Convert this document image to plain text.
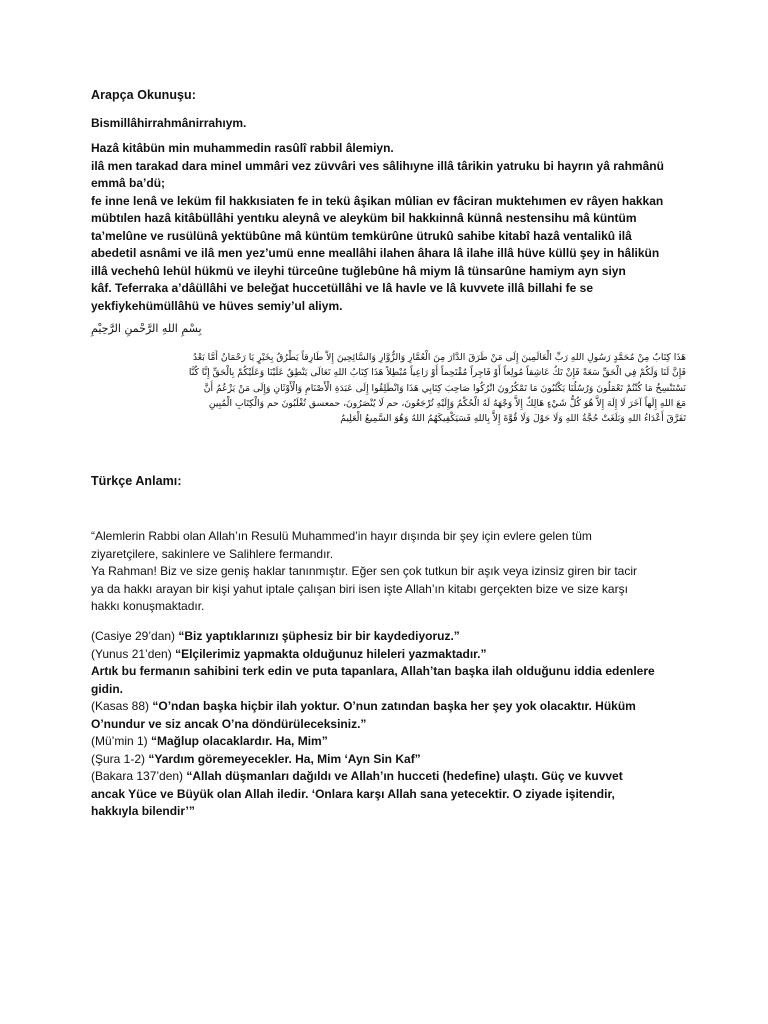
Arapça Okunuşu:
Bismillâhirrahmânirrahıym.

Hazâ kitâbün min muhammedin rasûlî rabbil âlemiyn.

ilâ men tarakad dara minel ummâri vez züvvâri ves sâlihıyne illâ târikin yatruku bi hayrın yâ rahmânü

emmâ ba’dü;

fe inne lenâ ve leküm fil hakkısiaten fe in tekü âşikan mûlian ev fâciran muktehımen ev râyen hakkan

mübtılen hazâ kitâbüllâhi yentıku aleynâ ve aleyküm bil hakkıinnâ künnâ nestensihu mâ küntüm

ta’melûne ve rusülünâ yektübûne mâ küntüm temkürûne ütrukû sahibe kitabî hazâ ventalikû ilâ

abedetil asnâmi ve ilâ men yez’umü enne meallâhi ilahen âhara lâ ilahe illâ hüve küllü şey in hâlikün

illâ vechehû lehül hükmü ve ileyhi türceûne tuğlebûne hâ miym lâ tünsarûne hamiym ayn siyn

kâf. Teferraka a’dâüllâhi ve beleğat huccetüllâhi ve lâ havle ve lâ kuvvete illâ billahi fe se

yekfiykehümüllâhü ve hüves semiy’ul aliym.

بِسْمِ اللهِ الرَّحْمنِ الرَّحِيْمِ
هَذَا كِتَابٌ مِنْ مُحَمَّدٍ رَسُولِ اللهِ رَبِّ الْعَالَمِينَ إِلَى مَنْ طَرَقَ الدَّارَ مِنَ الْعُمَّارِ وَالزُّوَّارِ وَالسَّائِحِينَ إِلاَّ طَارِقاً يَطْرُقُ بِخَيْرٍ يَا رَحْمَانُ أَمَّا بَعْدُ
فَإِنَّ لَنَا وَلَكُمْ فِي الْحَقِّ سَعَةً فَإِنْ تَكُ عَاشِقاً مُولِعاً أَوْ فَاجِراً مُقْتَحِماً أَوْ رَاعِياً مُبْطِلاً هَذَا كِتَابُ اللهِ تَعَالَى يَنْطِقُ عَلَيْنَا وَعَلَيْكُمْ بِالْحَقِّ إِنَّا كُنَّا
نَسْتَنْسِخُ مَا كُنْتُمْ تَعْمَلُونَ وَرُسُلُنَا يَكْتُبُونَ مَا تَمْكُرُونَ اتْرُكُوا صَاحِبَ كِتَابِي هَذَا وَانْطَلِقُوا إِلَى عَبَدَةِ الْأَصْنَامِ وَالْأَوْثَانِ وَإِلَى مَنْ يَزْعُمُ أَنَّ
مَعَ اللهِ إِلَهاً آخَرَ لَا إِلَهَ إِلاَّ هُوَ كُلُّ شَيْءٍ هَالِكٌ إِلاَّ وَجْهَهُ لَهُ الْحُكْمُ وَإِلَيْهِ تُرْجَعُونَ، حم لَا يُنْصَرُونَ، حمعسق تُغْلَبُونَ حم وَالْكِتَابِ الْمُبِينِ
تَفَرَّقَ أَعْدَاءُ اللهِ وَبَلَغَتْ حُجَّةُ اللهِ وَلَا حَوْلَ وَلَا قُوَّةَ إِلاَّ بِاللهِ فَسَيَكْفِيكَهُمُ اللهُ وَهُوَ السَّمِيعُ الْعَلِيمُ
Türkçe Anlamı:

“Alemlerin Rabbi olan Allah’ın Resulü Muhammed’in hayır dışında bir şey için evlere gelen tüm

ziyaretçilere, sakinlere ve Salihlere fermandır.

Ya Rahman! Biz ve size geniş haklar tanınmıştır. Eğer sen çok tutkun bir aşık veya izinsiz giren bir tacir

ya da hakkı arayan bir kişi yahut iptale çalışan biri isen işte Allah’ın kitabı gerçekten bize ve size karşı

hakkı konuşmaktadır.

(Casiye 29’dan) “Biz yaptıklarınızı şüphesiz bir bir kaydediyoruz.”

(Yunus 21’den) “Elçilerimiz yapmakta olduğunuz hileleri yazmaktadır.”

Artık bu fermanın sahibini terk edin ve puta tapanlara, Allah’tan başka ilah olduğunu iddia edenlere

gidin.

(Kasas 88) “O’ndan başka hiçbir ilah yoktur. O’nun zatından başka her şey yok olacaktır. Hüküm

O’nundur ve siz ancak O’na döndürüleceksiniz.”

(Mü’min 1) “Mağlup olacaklardır. Ha, Mim”

(Şura 1-2) “Yardım göremeyecekler. Ha, Mim ‘Ayn Sin Kaf”

(Bakara 137’den) “Allah düşmanları dağıldı ve Allah’ın hucceti (hedefine) ulaştı. Güç ve kuvvet

ancak Yüce ve Büyük olan Allah iledir. ‘Onlara karşı Allah sana yetecektir. O ziyade işitendir,

hakkıyla bilendir’”
